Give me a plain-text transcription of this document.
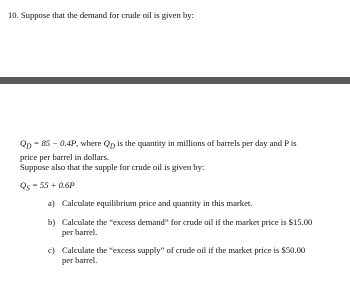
10. Suppose that the demand for crude oil is given by:
$Q_D = 85 - 0.4P$, where $Q_D$ is the quantity in millions of barrels per day and P is
price per barrel in dollars.
Suppose also that the supple for crude oil is given by:
$Q_S = 55 + 0.6P$
a) Calculate equilibrium price and quantity in this market.
b) Calculate the “excess demand” for crude oil if the market price is $15.00
per barrel.
c) Calculate the “excess supply” of crude oil if the market price is $50.00
per barrel.
